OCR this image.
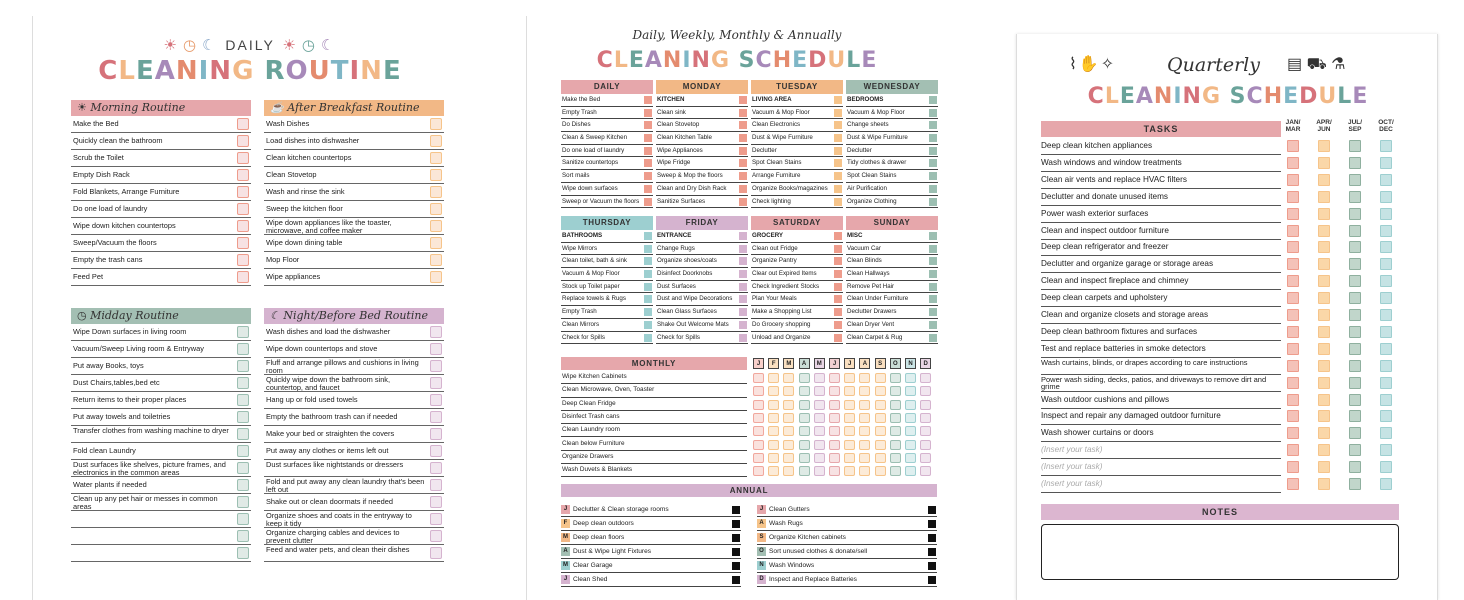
☀ ◷ ☾ DAILY ☀ ◷ ☾
CLEANING ROUTINE
☀ Morning Routine
Make the Bed
Quickly clean the bathroom
Scrub the Toilet
Empty Dish Rack
Fold Blankets, Arrange Furniture
Do one load of laundry
Wipe down kitchen countertops
Sweep/Vacuum the floors
Empty the trash cans
Feed Pet
☕ After Breakfast Routine
Wash Dishes
Load dishes into dishwasher
Clean kitchen countertops
Clean Stovetop
Wash and rinse the sink
Sweep the kitchen floor
Wipe down appliances like the toaster, microwave, and coffee maker
Wipe down dining table
Mop Floor
Wipe appliances
◷ Midday Routine
Wipe Down surfaces in living room
Vacuum/Sweep Living room & Entryway
Put away Books, toys
Dust Chairs,tables,bed etc
Return items to their proper places
Put away towels and toiletries
Transfer clothes from washing machine to dryer
Fold clean Laundry
Dust surfaces like shelves, picture frames, and electronics in the common areas
Water plants if needed
Clean up any pet hair or messes in common areas
☾ Night/Before Bed Routine
Wash dishes and load the dishwasher
Wipe down countertops and stove
Fluff and arrange pillows and cushions in living room
Quickly wipe down the bathroom sink, countertop, and faucet
Hang up or fold used towels
Empty the bathroom trash can if needed
Make your bed or straighten the covers
Put away any clothes or items left out
Dust surfaces like nightstands or dressers
Fold and put away any clean laundry that's been left out
Shake out or clean doormats if needed
Organize shoes and coats in the entryway to keep it tidy
Organize charging cables and devices to prevent clutter
Feed and water pets, and clean their dishes
Daily, Weekly, Monthly & Annually
CLEANING SCHEDULE
DAILY
Make the Bed
Empty Trash
Do Dishes
Clean & Sweep Kitchen
Do one load of laundry
Sanitize countertops
Sort mails
Wipe down surfaces
Sweep or Vacuum the floors
MONDAY
KITCHEN
Clean sink
Clean Stovetop
Clean Kitchen Table
Wipe Appliances
Wipe Fridge
Sweep & Mop the floors
Clean and Dry Dish Rack
Sanitize Surfaces
TUESDAY
LIVING AREA
Vacuum & Mop Floor
Clean Electronics
Dust & Wipe Furniture
Declutter
Spot Clean Stains
Arrange Furniture
Organize Books/magazines
Check lighting
WEDNESDAY
BEDROOMS
Vacuum & Mop Floor
Change sheets
Dust & Wipe Furniture
Declutter
Tidy clothes & drawer
Spot Clean Stains
Air Purification
Organize Clothing
THURSDAY
BATHROOMS
Wipe Mirrors
Clean toilet, bath & sink
Vacuum & Mop Floor
Stock up Toilet paper
Replace towels & Rugs
Empty Trash
Clean Mirrors
Check for Spills
FRIDAY
ENTRANCE
Change Rugs
Organize shoes/coats
Disinfect Doorknobs
Dust Surfaces
Dust and Wipe Decorations
Clean Glass Surfaces
Shake Out Welcome Mats
Check for Spills
SATURDAY
GROCERY
Clean out Fridge
Organize Pantry
Clear out Expired Items
Check Ingredient Stocks
Plan Your Meals
Make a Shopping List
Do Grocery shopping
Unload and Organize
SUNDAY
MISC
Vacuum Car
Clean Blinds
Clean Hallways
Remove Pet Hair
Clean Under Furniture
Declutter Drawers
Clean Dryer Vent
Clean Carpet & Rug
MONTHLY
Wipe Kitchen Cabinets
Clean Microwave, Oven, Toaster
Deep Clean Fridge
Disinfect Trash cans
Clean Laundry room
Clean below Furniture
Organize Drawers
Wash Duvets & Blankets
J	F	M	A	M	J	J	A	S	O	N	D
ANNUAL
J Declutter & Clean storage rooms
F Deep clean outdoors
M Deep clean floors
A Dust & Wipe Light Fixtures
M Clear Garage
J Clean Shed
J Clean Gutters
A Wash Rugs
S Organize Kitchen cabinets
O Sort unused clothes & donate/sell
N Wash Windows
D Inspect and Replace Batteries
⌇✋✧	Quarterly ▤ ⛟ ⚗
CLEANING SCHEDULE
TASKS
JAN/
MAR
APR/
JUN
JUL/
SEP
OCT/
DEC
Deep clean kitchen appliances
Wash windows and window treatments
Clean air vents and replace HVAC filters
Declutter and donate unused items
Power wash exterior surfaces
Clean and inspect outdoor furniture
Deep clean refrigerator and freezer
Declutter and organize garage or storage areas
Clean and inspect fireplace and chimney
Deep clean carpets and upholstery
Clean and organize closets and storage areas
Deep clean bathroom fixtures and surfaces
Test and replace batteries in smoke detectors
Wash curtains, blinds, or drapes according to care instructions
Power wash siding, decks, patios, and driveways to remove dirt and grime
Wash outdoor cushions and pillows
Inspect and repair any damaged outdoor furniture
Wash shower curtains or doors
(Insert your task)
(Insert your task)
(Insert your task)
NOTES
